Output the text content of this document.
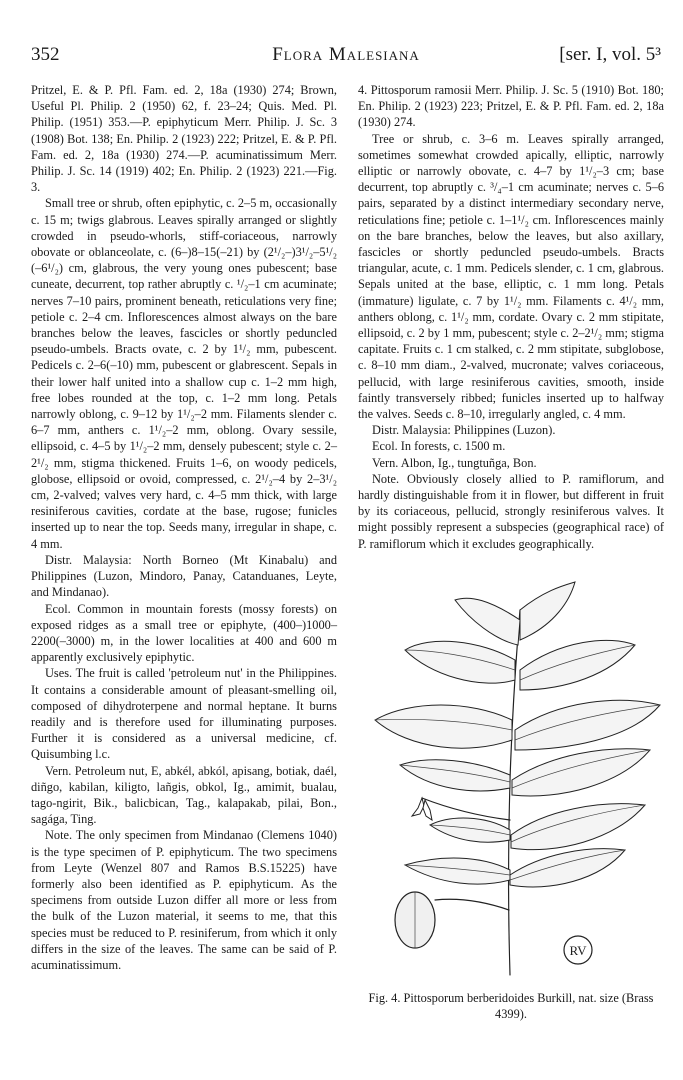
352	Flora Malesiana	[ser. I, vol. 5³

Pritzel, E. & P. Pfl. Fam. ed. 2, 18a (1930) 274; Brown, Useful Pl. Philip. 2 (1950) 62, f. 23–24; Quis. Med. Pl. Philip. (1951) 353.—P. epiphyticum Merr. Philip. J. Sc. 3 (1908) Bot. 138; En. Philip. 2 (1923) 222; Pritzel, E. & P. Pfl. Fam. ed. 2, 18a (1930) 274.—P. acuminatissimum Merr. Philip. J. Sc. 14 (1919) 402; En. Philip. 2 (1923) 221.—Fig. 3.

Small tree or shrub, often epiphytic, c. 2–5 m, occasionally c. 15 m; twigs glabrous. Leaves spirally arranged or slightly crowded in pseudo-whorls, stiff-coriaceous, narrowly obovate or oblanceolate, c. (6–)8–15(–21) by (2¹/₂–)3¹/₂–5¹/₂ (–6¹/₂) cm, glabrous, the very young ones pubescent; base cuneate, decurrent, top rather abruptly c. ¹/₂–1 cm acuminate; nerves 7–10 pairs, prominent beneath, reticulations very fine; petiole c. 2–4 cm. Inflorescences almost always on the bare branches below the leaves, fascicles or shortly peduncled pseudo-umbels. Bracts ovate, c. 2 by 1¹/₂ mm, pubescent. Pedicels c. 2–6(–10) mm, pubescent or glabrescent. Sepals in their lower half united into a shallow cup c. 1–2 mm high, free lobes rounded at the top, c. 1–2 mm long. Petals narrowly oblong, c. 9–12 by 1¹/₂–2 mm. Filaments slender c. 6–7 mm, anthers c. 1¹/₂–2 mm, oblong. Ovary sessile, ellipsoid, c. 4–5 by 1¹/₂–2 mm, densely pubescent; style c. 2–2¹/₂ mm, stigma thickened. Fruits 1–6, on woody pedicels, globose, ellipsoid or ovoid, compressed, c. 2¹/₂–4 by 2–3¹/₂ cm, 2-valved; valves very hard, c. 4–5 mm thick, with large resiniferous cavities, cordate at the base, rugose; funicles inserted up to near the top. Seeds many, irregular in shape, c. 4 mm.

Distr. Malaysia: North Borneo (Mt Kinabalu) and Philippines (Luzon, Mindoro, Panay, Catanduanes, Leyte, and Mindanao).

Ecol. Common in mountain forests (mossy forests) on exposed ridges as a small tree or epiphyte, (400–)1000–2200(–3000) m, in the lower localities at 400 and 600 m apparently exclusively epiphytic.

Uses. The fruit is called 'petroleum nut' in the Philippines. It contains a considerable amount of pleasant-smelling oil, composed of dihydroterpene and normal heptane. It burns readily and is therefore used for illuminating purposes. Further it is considered as a universal medicine, cf. Quisumbing l.c.

Vern. Petroleum nut, E, abkél, abkól, apisang, botiak, daél, diñgo, kabilan, kiligto, lañgis, obkol, Ig., amimit, bualau, tago-ngirit, Bik., balicbican, Tag., kalapakab, pilai, Bon., sagága, Ting.

Note. The only specimen from Mindanao (Clemens 1040) is the type specimen of P. epiphyticum. The two specimens from Leyte (Wenzel 807 and Ramos B.S.15225) have formerly also been identified as P. epiphyticum. As the specimens from outside Luzon differ all more or less from the bulk of the Luzon material, it seems to me, that this species must be reduced to P. resiniferum, from which it only differs in the size of the leaves. The same can be said of P. acuminatissimum.

4. Pittosporum ramosii Merr. Philip. J. Sc. 5 (1910) Bot. 180; En. Philip. 2 (1923) 223; Pritzel, E. & P. Pfl. Fam. ed. 2, 18a (1930) 274.

Tree or shrub, c. 3–6 m. Leaves spirally arranged, sometimes somewhat crowded apically, elliptic, narrowly elliptic or narrowly obovate, c. 4–7 by 1¹/₂–3 cm; base decurrent, top abruptly c. ³/₄–1 cm acuminate; nerves c. 5–6 pairs, separated by a distinct intermediary secondary nerve, reticulations fine; petiole c. 1–1¹/₂ cm. Inflorescences mainly on the bare branches, below the leaves, but also axillary, fascicles or shortly peduncled pseudo-umbels. Bracts triangular, acute, c. 1 mm. Pedicels slender, c. 1 cm, glabrous. Sepals united at the base, elliptic, c. 1 mm long. Petals (immature) ligulate, c. 7 by 1¹/₂ mm. Filaments c. 4¹/₂ mm, anthers oblong, c. 1¹/₂ mm, cordate. Ovary c. 2 mm stipitate, ellipsoid, c. 2 by 1 mm, pubescent; style c. 2–2¹/₂ mm; stigma capitate. Fruits c. 1 cm stalked, c. 2 mm stipitate, subglobose, c. 8–10 mm diam., 2-valved, mucronate; valves coriaceous, pellucid, with large resiniferous cavities, smooth, inside faintly transversely ribbed; funicles inserted up to halfway the valves. Seeds c. 8–10, irregularly angled, c. 4 mm.

Distr. Malaysia: Philippines (Luzon).

Ecol. In forests, c. 1500 m.

Vern. Albon, Ig., tungtuñga, Bon.

Note. Obviously closely allied to P. ramiflorum, and hardly distinguishable from it in flower, but different in fruit by its coriaceous, pellucid, strongly resiniferous valves. It might possibly represent a subspecies (geographical race) of P. ramiflorum which it excludes geographically.

RV
Fig. 4. Pittosporum berberidoides Burkill, nat. size (Brass 4399).
